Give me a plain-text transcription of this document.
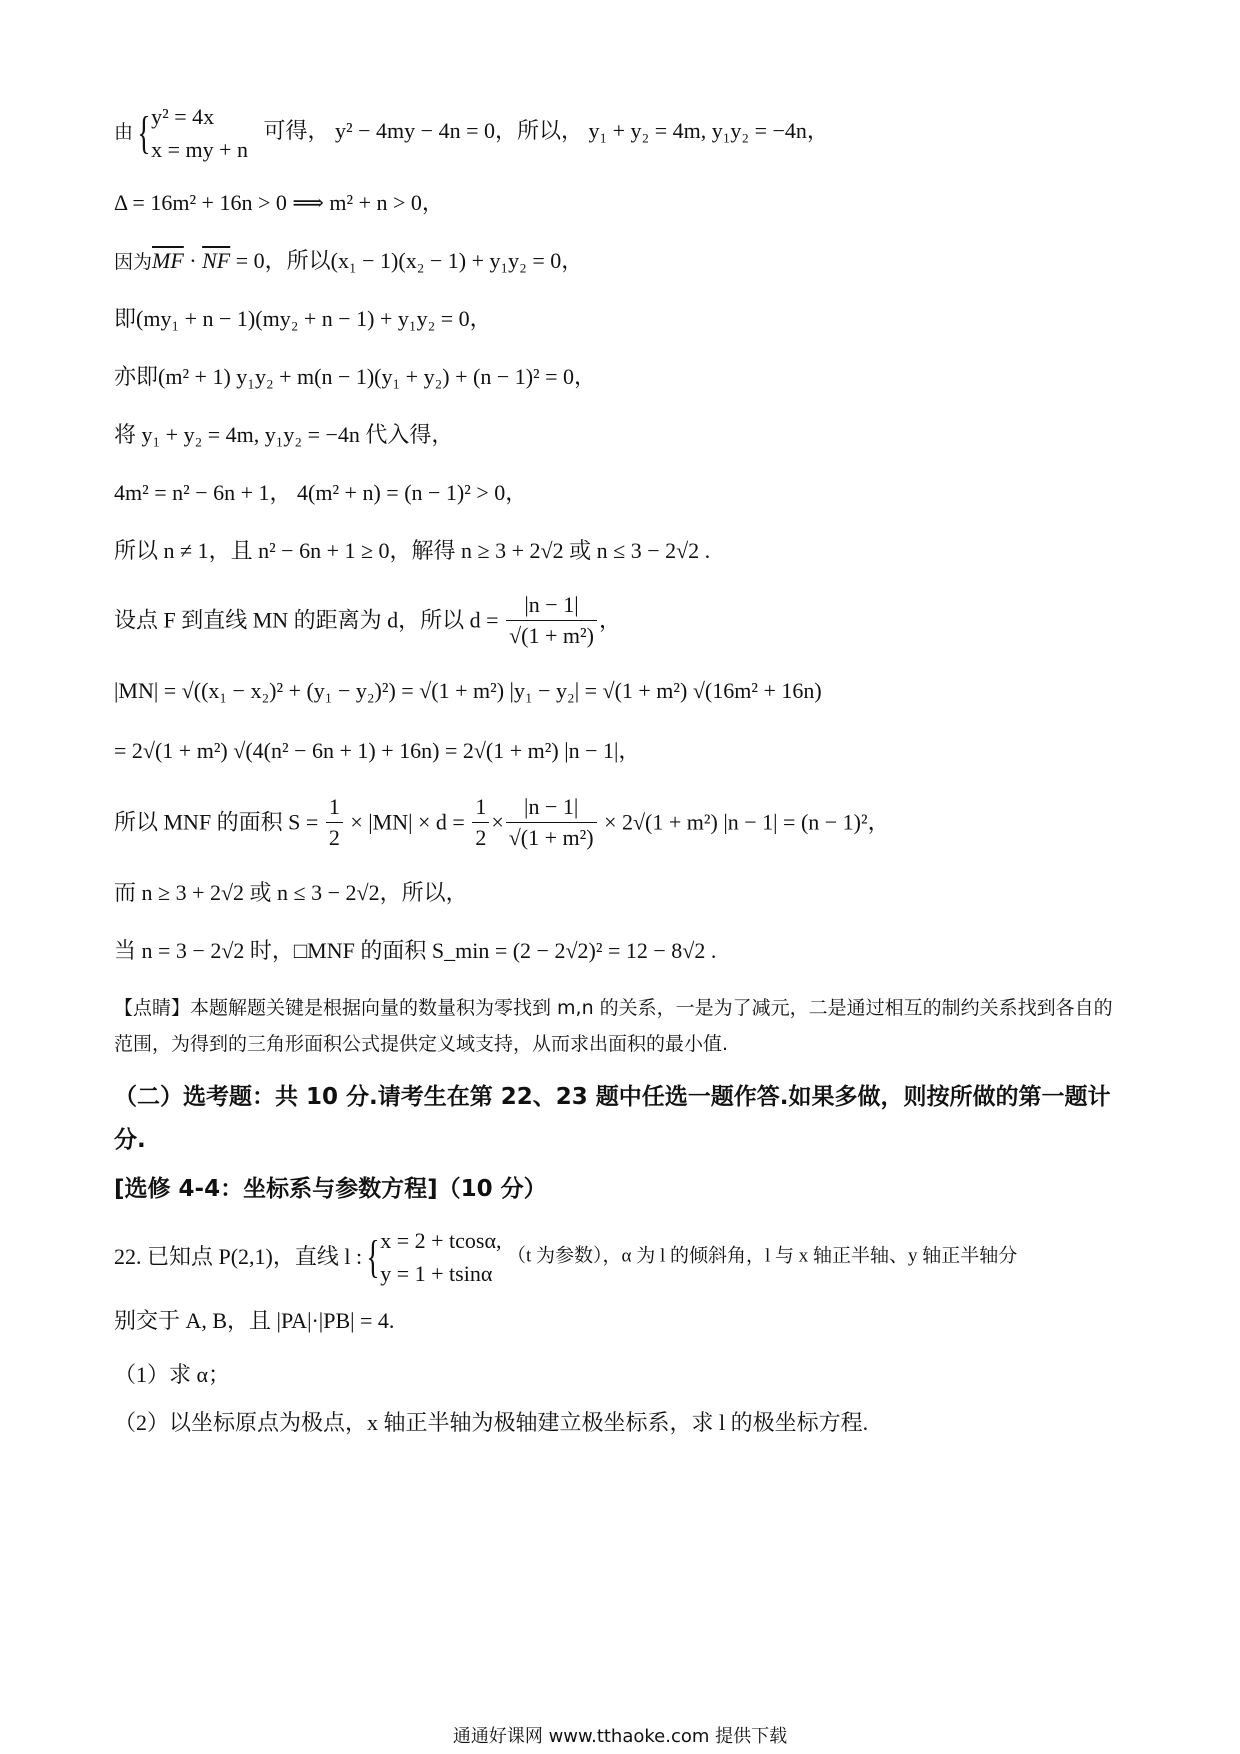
由{ y² = 4x
x = my + n
可得， y² − 4my − 4n = 0，所以， y₁ + y₂ = 4m, y₁y₂ = −4n，
Δ = 16m² + 16n > 0 ⟹ m² + n > 0，
因为$\overline{MF} \cdot \overline{NF} = 0$，所以(x₁ − 1)(x₂ − 1) + y₁y₂ = 0，
即(my₁ + n − 1)(my₂ + n − 1) + y₁y₂ = 0，
亦即(m² + 1) y₁y₂ + m(n − 1)(y₁ + y₂) + (n − 1)² = 0，
将 y₁ + y₂ = 4m, y₁y₂ = −4n 代入得，
4m² = n² − 6n + 1， 4(m² + n) = (n − 1)² > 0，
所以 n ≠ 1，且 n² − 6n + 1 ≥ 0，解得 n ≥ 3 + 2√2 或 n ≤ 3 − 2√2 .
设点 F 到直线 MN 的距离为 d，所以 $d = \frac{|n - 1|}{\text{√(1 + m²)}}$ ，
|MN| = √((x₁ − x₂)² + (y₁ − y₂)²) = √(1 + m²) |y₁ − y₂| = √(1 + m²) √(16m² + 16n)
= 2√(1 + m²) √(4(n² − 6n + 1) + 16n) = 2√(1 + m²) |n − 1|，
所以 MNF 的面积 $S = \frac{1}{2} \times |MN| \times d = \frac{1}{2} \times \frac{|n - 1|}{\text{√(1 + m²)}} \times 2√(1 + m^2) |n - 1| = (n - 1)^2$，
而 n ≥ 3 + 2√2 或 n ≤ 3 − 2√2，所以，
当 n = 3 − 2√2 时，□MNF 的面积 S_min = (2 − 2√2)² = 12 − 8√2 .
【点睛】本题解题关键是根据向量的数量积为零找到 m,n 的关系，一是为了减元，二是通过相互的制约关系找到各自的范围，为得到的三角形面积公式提供定义域支持，从而求出面积的最小值.
（二）选考题：共 10 分.请考生在第 22、23 题中任选一题作答.如果多做，则按所做的第一题计分.
[选修 4-4：坐标系与参数方程]（10 分）
22. 已知点 P(2,1)，直线 l :{ x = 2 + tcosα,
y = 1 + tsinα
（t 为参数），α 为 l 的倾斜角，l 与 x 轴正半轴、y 轴正半轴分
别交于 A, B，且 |PA|·|PB| = 4.
（1）求 α；
（2）以坐标原点为极点，x 轴正半轴为极轴建立极坐标系，求 l 的极坐标方程.
通通好课网 www.tthaoke.com 提供下载
